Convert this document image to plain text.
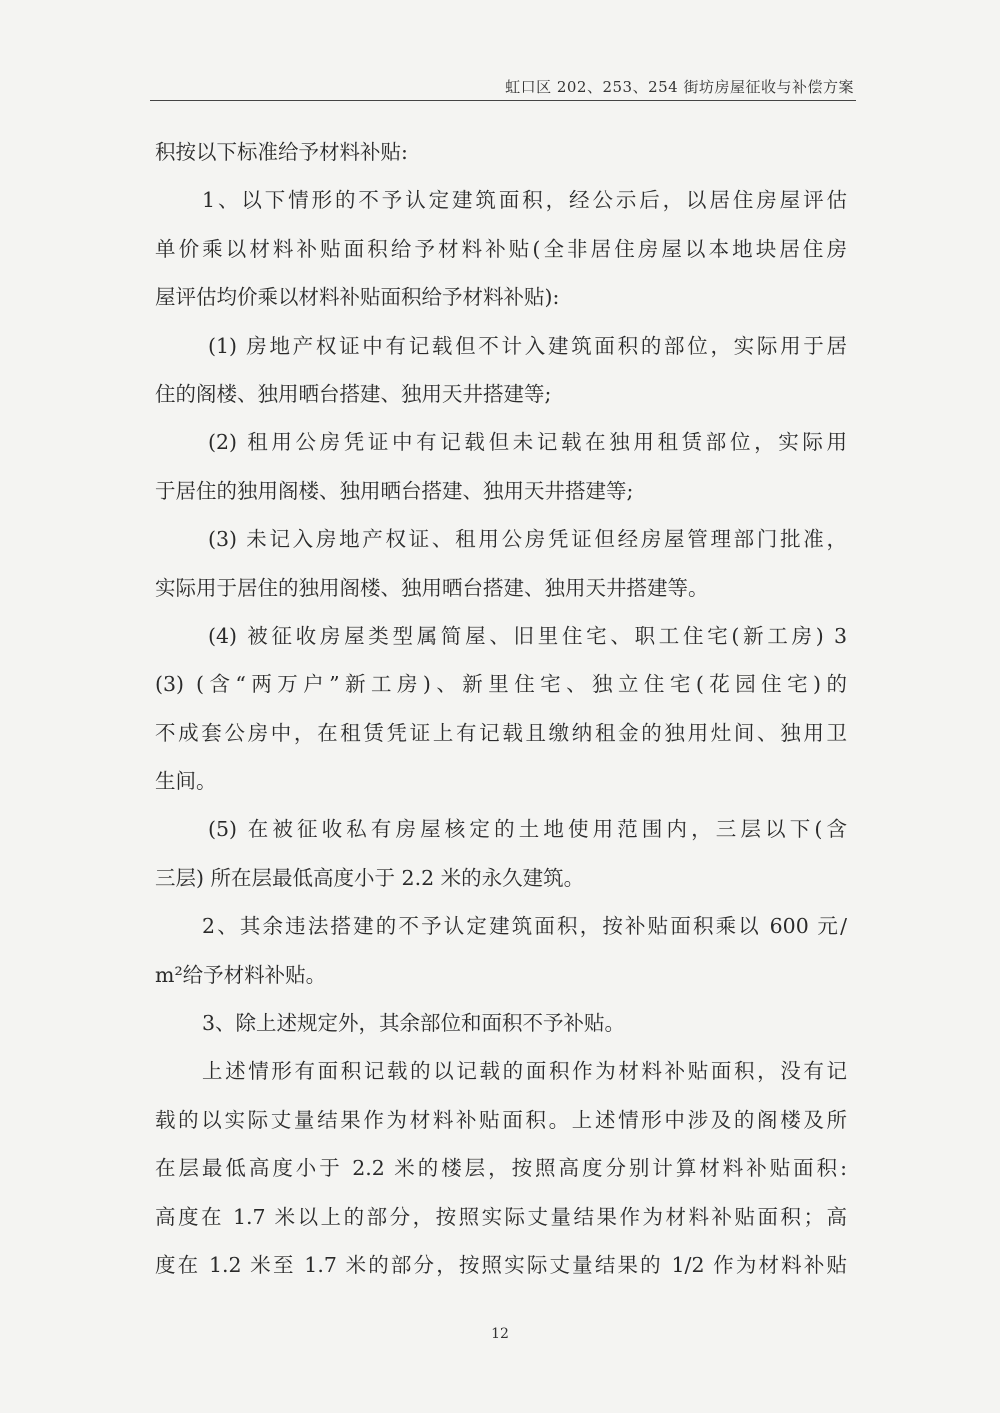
虹口区 202、253、254 街坊房屋征收与补偿方案
积按以下标准给予材料补贴:
1、以下情形的不予认定建筑面积，经公示后，以居住房屋评估
单价乘以材料补贴面积给予材料补贴(全非居住房屋以本地块居住房
屋评估均价乘以材料补贴面积给予材料补贴):
(1) 房地产权证中有记载但不计入建筑面积的部位，实际用于居
住的阁楼、独用晒台搭建、独用天井搭建等;
(2) 租用公房凭证中有记载但未记载在独用租赁部位，实际用
于居住的独用阁楼、独用晒台搭建、独用天井搭建等;
(3) 未记入房地产权证、租用公房凭证但经房屋管理部门批准，
实际用于居住的独用阁楼、独用晒台搭建、独用天井搭建等。
(4) 被征收房屋类型属简屋、旧里住宅、职工住宅(新工房) 3
(3) (含“两万户”新工房)、新里住宅、独立住宅(花园住宅)的
不成套公房中，在租赁凭证上有记载且缴纳租金的独用灶间、独用卫
生间。
(5) 在被征收私有房屋核定的土地使用范围内，三层以下(含
三层) 所在层最低高度小于 2.2 米的永久建筑。
2、其余违法搭建的不予认定建筑面积，按补贴面积乘以 600 元/
m²给予材料补贴。
3、除上述规定外，其余部位和面积不予补贴。
上述情形有面积记载的以记载的面积作为材料补贴面积，没有记
载的以实际丈量结果作为材料补贴面积。上述情形中涉及的阁楼及所
在层最低高度小于 2.2 米的楼层，按照高度分别计算材料补贴面积:
高度在 1.7 米以上的部分，按照实际丈量结果作为材料补贴面积；高
度在 1.2 米至 1.7 米的部分，按照实际丈量结果的 1/2 作为材料补贴
12
